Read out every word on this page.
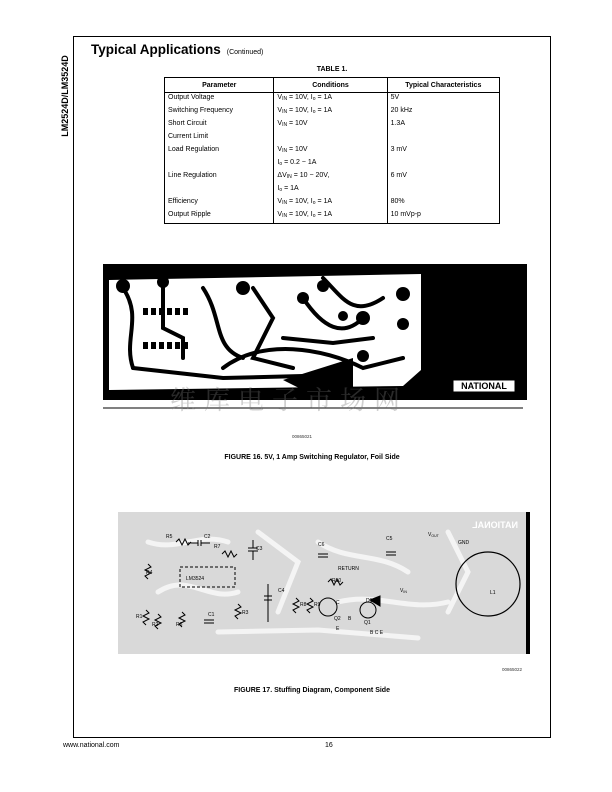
LM2524D/LM3524D
Typical Applications (Continued)
TABLE 1.
Parameter	Conditions	Typical Characteristics
Output Voltage	$V_{IN} = 10V$, $I_o = 1A$	5V
Switching Frequency	$V_{IN} = 10V$, $I_o = 1A$	20 kHz
Short Circuit	$V_{IN} = 10V$	1.3A
Current Limit		
Load Regulation	$V_{IN} = 10V$	3 mV
	$I_o = 0.2 - 1A$	
Line Regulation	$\Delta V_{IN} = 10 - 20V$,	6 mV
	$I_o = 1A$	
Efficiency	$V_{IN} = 10V$, $I_o = 1A$	80%
Output Ripple	$V_{IN} = 10V$, $I_o = 1A$	10 mVp-p
NATIONAL
维库电子市场网
00865021
FIGURE 16. 5V, 1 Amp Switching Regulator, Foil Side
R5	C2
R7	C3
C6
C5
$V_{OUT}$
GND
R4
LM3524
RETURN
C4
R10
$V_{IN}$	L1
D1
R1
R2	R6
C1	R3
R8 R9	C
Q2 B
E
Q1
B C E
NATIONAL
00865022
FIGURE 17. Stuffing Diagram, Component Side
www.national.com	16
